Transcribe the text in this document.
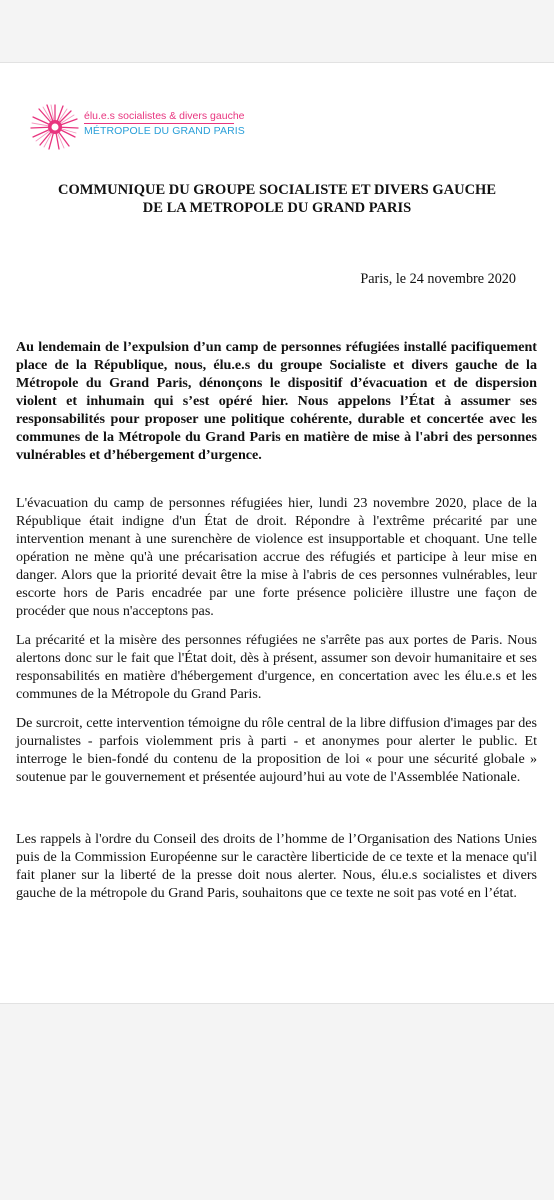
élu.e.s socialistes & divers gauche
MÉTROPOLE DU GRAND PARIS
COMMUNIQUE DU GROUPE SOCIALISTE ET DIVERS GAUCHE
DE LA METROPOLE DU GRAND PARIS
Paris, le 24 novembre 2020

Au lendemain de l’expulsion d’un camp de personnes réfugiées installé pacifiquement place de la République, nous, élu.e.s du groupe Socialiste et divers gauche de la Métropole du Grand Paris, dénonçons le dispositif d’évacuation et de dispersion violent et inhumain qui s’est opéré hier. Nous appelons l’État à assumer ses responsabilités pour proposer une politique cohérente, durable et concertée avec les communes de la Métropole du Grand Paris en matière de mise à l'abri des personnes vulnérables et d’hébergement d’urgence.

L'évacuation du camp de personnes réfugiées hier, lundi 23 novembre 2020, place de la République était indigne d'un État de droit. Répondre à l'extrême précarité par une intervention menant à une surenchère de violence est insupportable et choquant. Une telle opération ne mène qu'à une précarisation accrue des réfugiés et participe à leur mise en danger. Alors que la priorité devait être la mise à l'abris de ces personnes vulnérables, leur escorte hors de Paris encadrée par une forte présence policière illustre une façon de procéder que nous n'acceptons pas.

La précarité et la misère des personnes réfugiées ne s'arrête pas aux portes de Paris. Nous alertons donc sur le fait que l'État doit, dès à présent, assumer son devoir humanitaire et ses responsabilités en matière d'hébergement d'urgence, en concertation avec les élu.e.s et les communes de la Métropole du Grand Paris.

De surcroit, cette intervention témoigne du rôle central de la libre diffusion d'images par des journalistes - parfois violemment pris à parti - et anonymes pour alerter le public. Et interroge le bien-fondé du contenu de la proposition de loi « pour une sécurité globale » soutenue par le gouvernement et présentée aujourd’hui au vote de l'Assemblée Nationale.

Les rappels à l'ordre du Conseil des droits de l’homme de l’Organisation des Nations Unies puis de la Commission Européenne sur le caractère liberticide de ce texte et la menace qu'il fait planer sur la liberté de la presse doit nous alerter. Nous, élu.e.s socialistes et divers gauche de la métropole du Grand Paris, souhaitons que ce texte ne soit pas voté en l’état.
